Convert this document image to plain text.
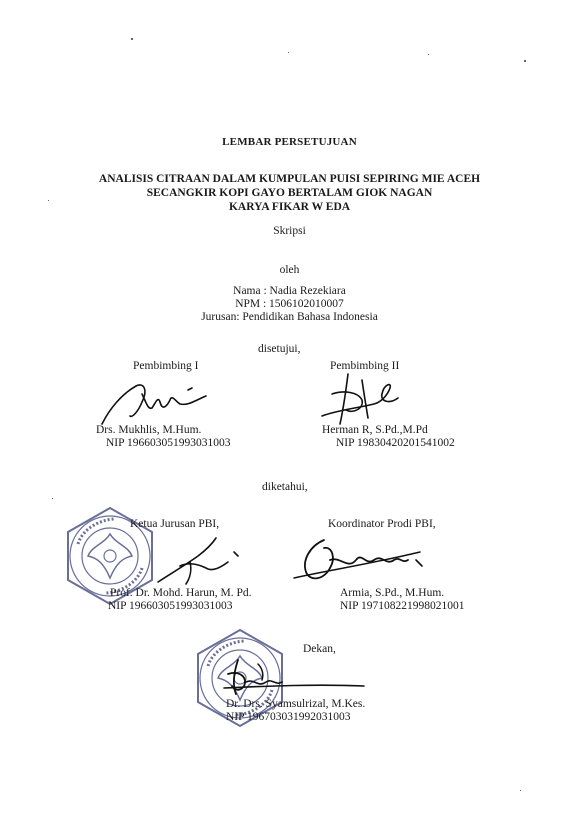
LEMBAR PERSETUJUAN
ANALISIS CITRAAN DALAM KUMPULAN PUISI SEPIRING MIE ACEH
SECANGKIR KOPI GAYO BERTALAM GIOK NAGAN
KARYA FIKAR W EDA
Skripsi
oleh
Nama : Nadia Rezekiara
NPM : 1506102010007
Jurusan: Pendidikan Bahasa Indonesia
disetujui,
Pembimbing I
Drs. Mukhlis, M.Hum.
NIP 196603051993031003
Pembimbing II
Herman R, S.Pd.,M.Pd
NIP 19830420201541002
diketahui,
Ketua Jurusan PBI,
Prof. Dr. Mohd. Harun, M. Pd.
NIP 196603051993031003
Koordinator Prodi PBI,
Armia, S.Pd., M.Hum.
NIP 197108221998021001
Dekan,
Dr. Drs. Syamsulrizal, M.Kes.
NIP 196703031992031003
